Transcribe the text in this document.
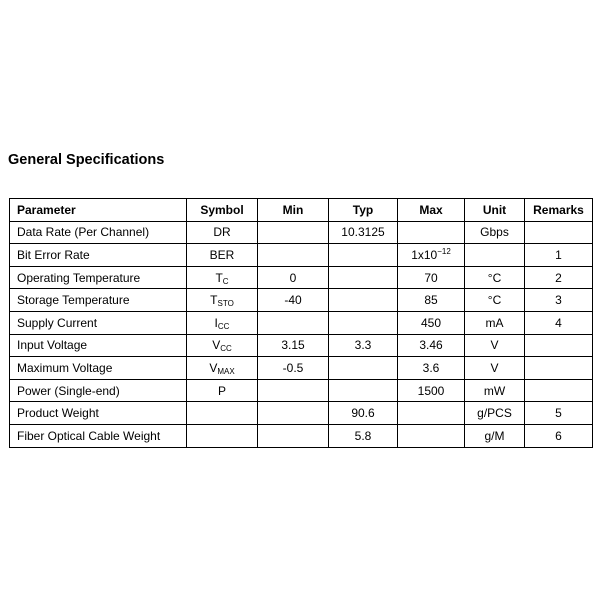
General Specifications
Parameter	Symbol	Min	Typ	Max	Unit	Remarks
Data Rate (Per Channel)	DR		10.3125		Gbps	
Bit Error Rate	BER			$1x10^{-12}$		1
Operating Temperature	$T_C$	0		70	°C	2
Storage Temperature	$T_{STO}$	-40		85	°C	3
Supply Current	$I_{CC}$			450	mA	4
Input Voltage	$V_{CC}$	3.15	3.3	3.46	V	
Maximum Voltage	$V_{MAX}$	-0.5		3.6	V	
Power (Single-end)	P			1500	mW	
Product Weight			90.6		g/PCS	5
Fiber Optical Cable Weight			5.8		g/M	6
